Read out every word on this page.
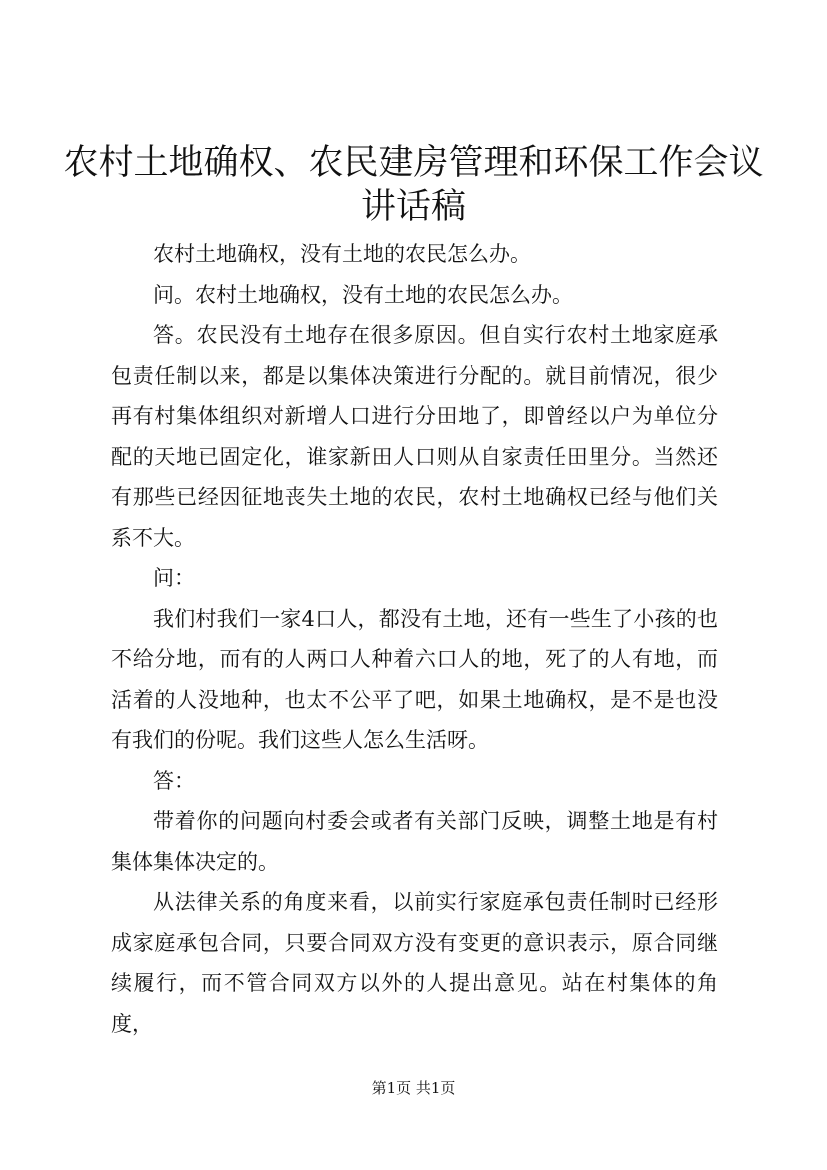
农村土地确权、农民建房管理和环保工作会议
讲话稿

农村土地确权，没有土地的农民怎么办。

问。农村土地确权，没有土地的农民怎么办。

答。农民没有土地存在很多原因。但自实行农村土地家庭承包责任制以来，都是以集体决策进行分配的。就目前情况，很少再有村集体组织对新增人口进行分田地了，即曾经以户为单位分配的天地已固定化，谁家新田人口则从自家责任田里分。当然还有那些已经因征地丧失土地的农民，农村土地确权已经与他们关系不大。

问：

我们村我们一家4口人，都没有土地，还有一些生了小孩的也不给分地，而有的人两口人种着六口人的地，死了的人有地，而活着的人没地种，也太不公平了吧，如果土地确权，是不是也没有我们的份呢。我们这些人怎么生活呀。

答：

带着你的问题向村委会或者有关部门反映，调整土地是有村集体集体决定的。

从法律关系的角度来看，以前实行家庭承包责任制时已经形成家庭承包合同，只要合同双方没有变更的意识表示，原合同继续履行，而不管合同双方以外的人提出意见。站在村集体的角度，

第1页 共1页
